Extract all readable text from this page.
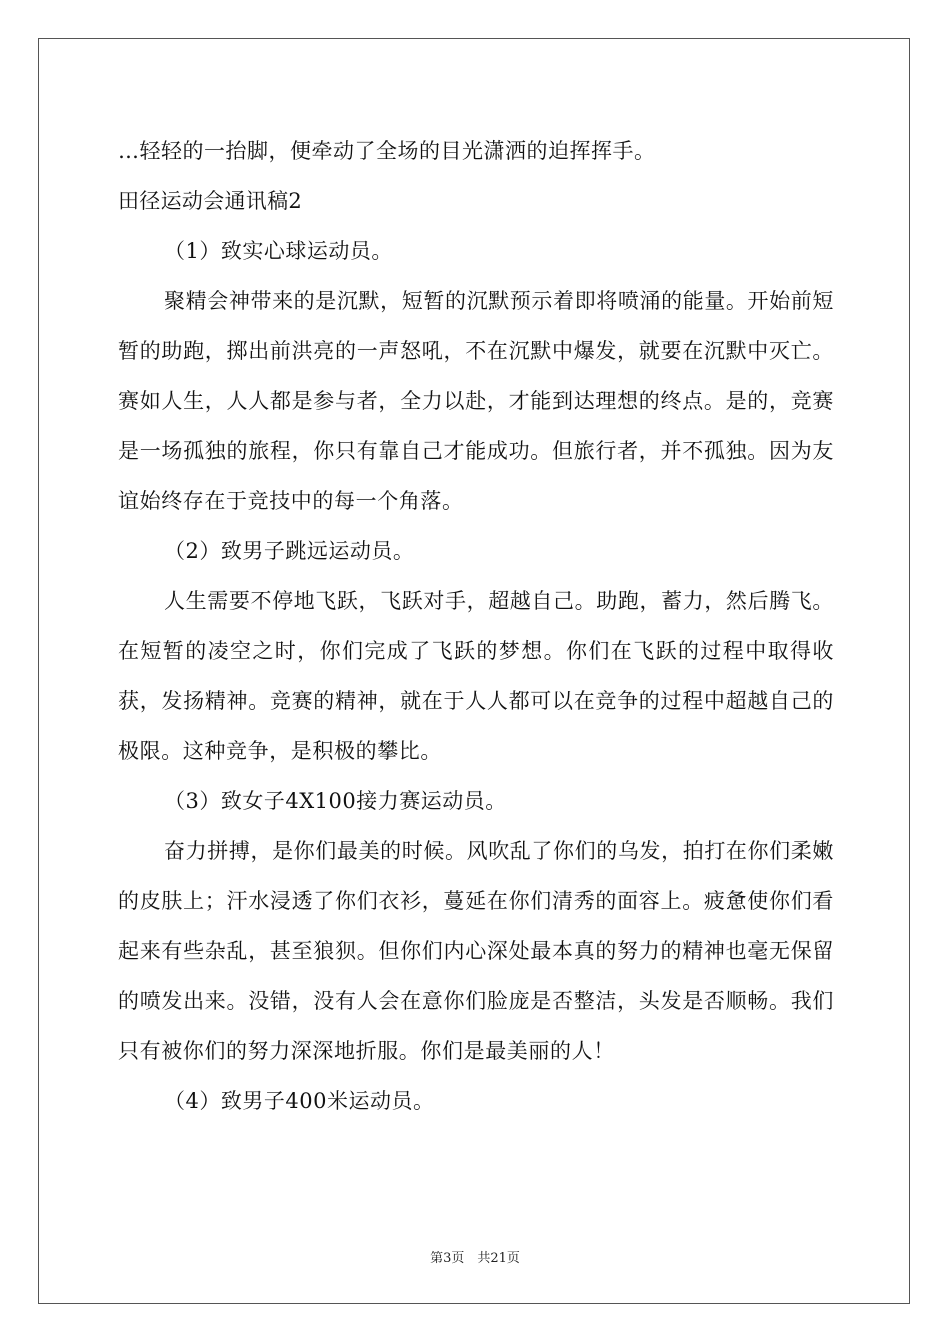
…轻轻的一抬脚，便牵动了全场的目光潇洒的迫挥挥手。
田径运动会通讯稿2
（1）致实心球运动员。
聚精会神带来的是沉默，短暂的沉默预示着即将喷涌的能量。开始前短暂的助跑，掷出前洪亮的一声怒吼，不在沉默中爆发，就要在沉默中灭亡。赛如人生，人人都是参与者，全力以赴，才能到达理想的终点。是的，竞赛是一场孤独的旅程，你只有靠自己才能成功。但旅行者，并不孤独。因为友谊始终存在于竞技中的每一个角落。
（2）致男子跳远运动员。
人生需要不停地飞跃，飞跃对手，超越自己。助跑，蓄力，然后腾飞。在短暂的凌空之时，你们完成了飞跃的梦想。你们在飞跃的过程中取得收获，发扬精神。竞赛的精神，就在于人人都可以在竞争的过程中超越自己的极限。这种竞争，是积极的攀比。
（3）致女子4X100接力赛运动员。
奋力拼搏，是你们最美的时候。风吹乱了你们的乌发，拍打在你们柔嫩的皮肤上；汗水浸透了你们衣衫，蔓延在你们清秀的面容上。疲惫使你们看起来有些杂乱，甚至狼狈。但你们内心深处最本真的努力的精神也毫无保留的喷发出来。没错，没有人会在意你们脸庞是否整洁，头发是否顺畅。我们只有被你们的努力深深地折服。你们是最美丽的人！
（4）致男子400米运动员。
第3页　共21页
